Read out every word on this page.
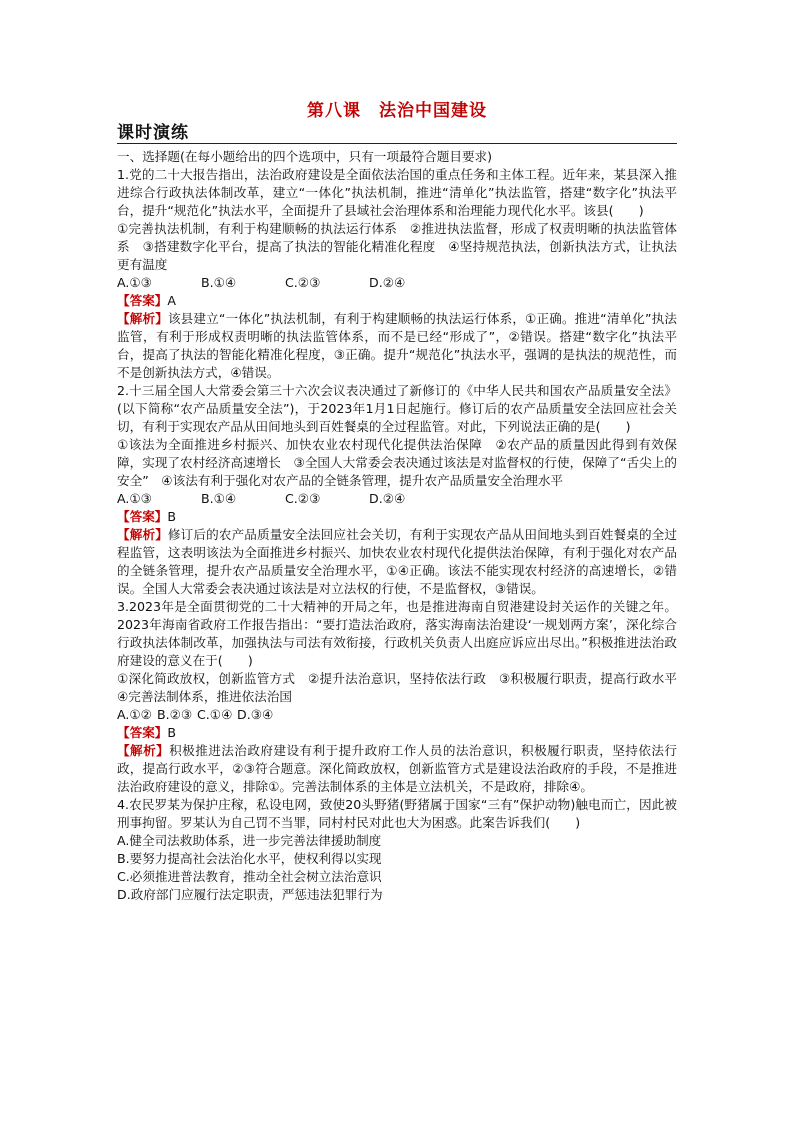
第八课　法治中国建设
课时演练

一、选择题(在每小题给出的四个选项中，只有一项最符合题目要求)

1.党的二十大报告指出，法治政府建设是全面依法治国的重点任务和主体工程。近年来，某县深入推进综合行政执法体制改革，建立“一体化”执法机制，推进“清单化”执法监管，搭建“数字化”执法平台，提升“规范化”执法水平，全面提升了县域社会治理体系和治理能力现代化水平。该县(　　)

①完善执法机制，有利于构建顺畅的执法运行体系　②推进执法监督，形成了权责明晰的执法监管体系　③搭建数字化平台，提高了执法的智能化精准化程度　④坚持规范执法，创新执法方式，让执法更有温度

A.①③	B.①④	C.②③	D.②④

【答案】A

【解析】该县建立“一体化”执法机制，有利于构建顺畅的执法运行体系，①正确。推进“清单化”执法监管，有利于形成权责明晰的执法监管体系，而不是已经“形成了”，②错误。搭建“数字化”执法平台，提高了执法的智能化精准化程度，③正确。提升“规范化”执法水平，强调的是执法的规范性，而不是创新执法方式，④错误。

2.十三届全国人大常委会第三十六次会议表决通过了新修订的《中华人民共和国农产品质量安全法》(以下简称“农产品质量安全法”)，于2023年1月1日起施行。修订后的农产品质量安全法回应社会关切，有利于实现农产品从田间地头到百姓餐桌的全过程监管。对此，下列说法正确的是(　　)

①该法为全面推进乡村振兴、加快农业农村现代化提供法治保障　②农产品的质量因此得到有效保障，实现了农村经济高速增长　③全国人大常委会表决通过该法是对监督权的行使，保障了“舌尖上的安全”　④该法有利于强化对农产品的全链条管理，提升农产品质量安全治理水平

A.①③	B.①④	C.②③	D.②④

【答案】B

【解析】修订后的农产品质量安全法回应社会关切，有利于实现农产品从田间地头到百姓餐桌的全过程监管，这表明该法为全面推进乡村振兴、加快农业农村现代化提供法治保障，有利于强化对农产品的全链条管理，提升农产品质量安全治理水平，①④正确。该法不能实现农村经济的高速增长，②错误。全国人大常委会表决通过该法是对立法权的行使，不是监督权，③错误。

3.2023年是全面贯彻党的二十大精神的开局之年，也是推进海南自贸港建设封关运作的关键之年。2023年海南省政府工作报告指出：“要打造法治政府，落实海南法治建设‘一规划两方案’，深化综合行政执法体制改革，加强执法与司法有效衔接，行政机关负责人出庭应诉应出尽出。”积极推进法治政府建设的意义在于(　　)

①深化简政放权，创新监管方式　②提升法治意识，坚持依法行政　③积极履行职责，提高行政水平　④完善法制体系，推进依法治国

A.①② B.②③ C.①④ D.③④

【答案】B

【解析】积极推进法治政府建设有利于提升政府工作人员的法治意识，积极履行职责，坚持依法行政，提高行政水平，②③符合题意。深化简政放权，创新监管方式是建设法治政府的手段，不是推进法治政府建设的意义，排除①。完善法制体系的主体是立法机关，不是政府，排除④。

4.农民罗某为保护庄稼，私设电网，致使20头野猪(野猪属于国家“三有”保护动物)触电而亡，因此被刑事拘留。罗某认为自己罚不当罪，同村村民对此也大为困惑。此案告诉我们(　　)

A.健全司法救助体系，进一步完善法律援助制度

B.要努力提高社会法治化水平，使权利得以实现

C.必须推进普法教育，推动全社会树立法治意识

D.政府部门应履行法定职责，严惩违法犯罪行为
